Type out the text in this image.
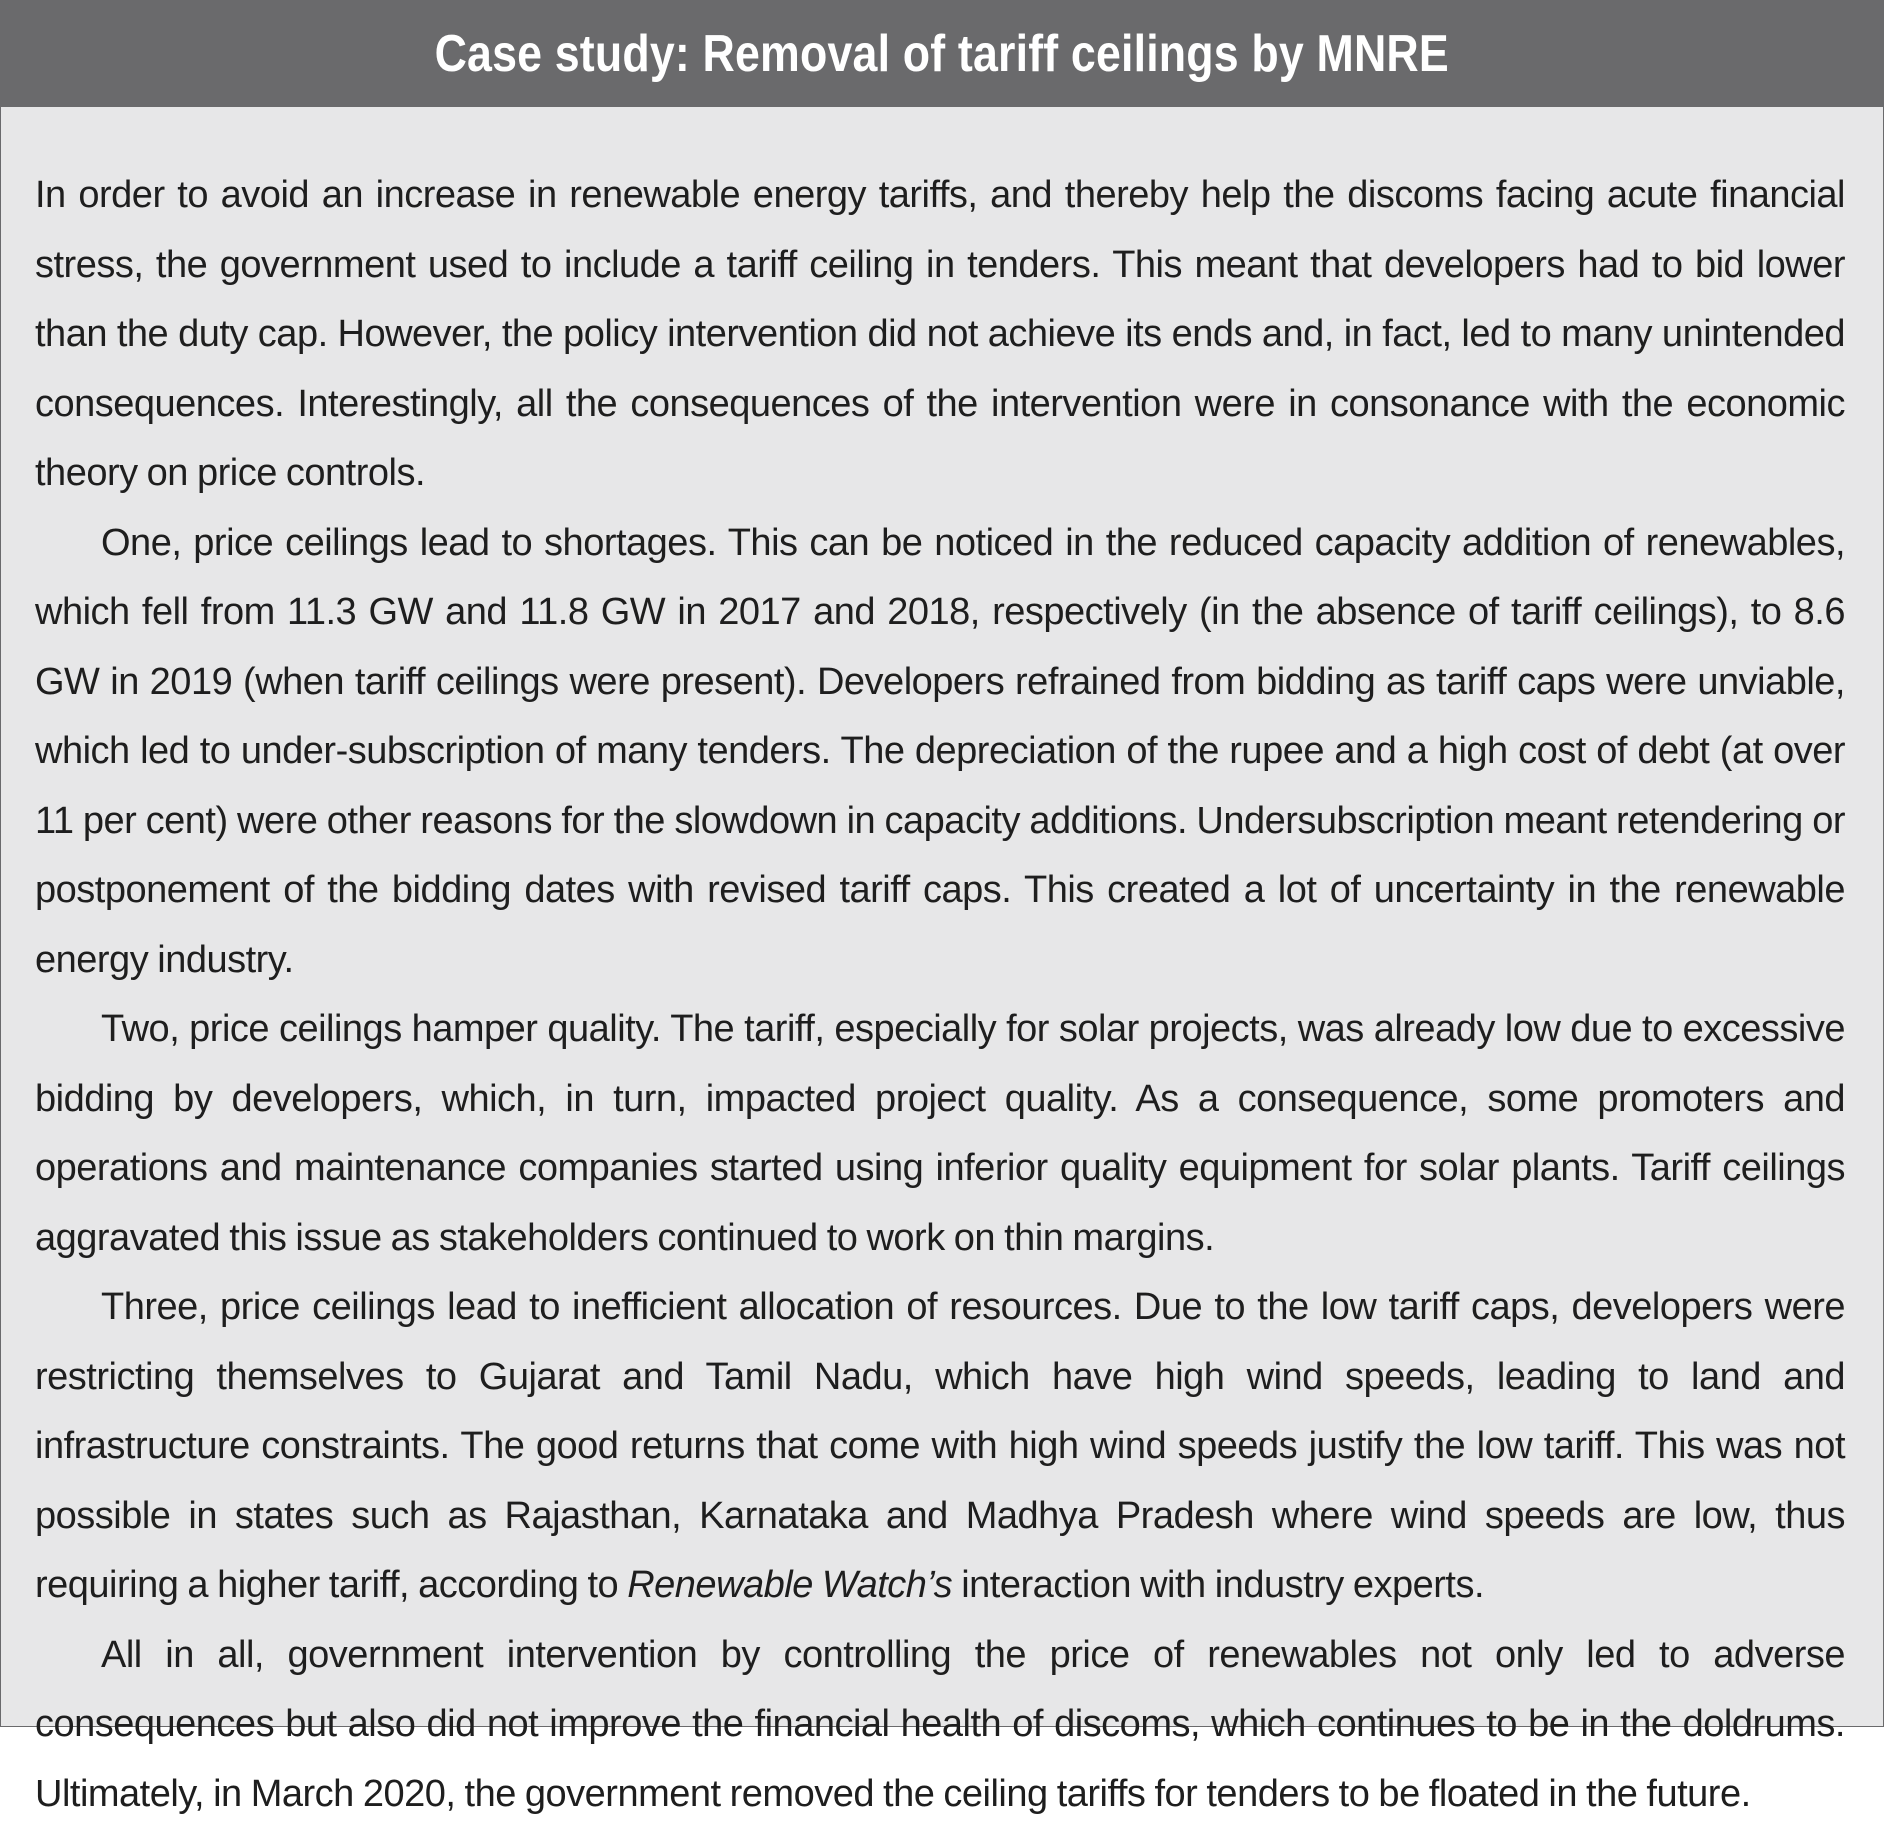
Case study: Removal of tariff ceilings by MNRE

In order to avoid an increase in renewable energy tariffs, and thereby help the discoms facing acute financial stress, the government used to include a tariff ceiling in tenders. This meant that developers had to bid lower than the duty cap. However, the policy intervention did not achieve its ends and, in fact, led to many unintended consequences. Interestingly, all the consequences of the intervention were in consonance with the economic theory on price controls.

One, price ceilings lead to shortages. This can be noticed in the reduced capacity addition of renewables, which fell from 11.3 GW and 11.8 GW in 2017 and 2018, respectively (in the absence of tariff ceilings), to 8.6 GW in 2019 (when tariff ceilings were present). Developers refrained from bidding as tariff caps were unviable, which led to under-subscription of many tenders. The depreciation of the rupee and a high cost of debt (at over 11 per cent) were other reasons for the slowdown in capacity additions. Undersubscription meant retendering or postponement of the bidding dates with revised tariff caps. This created a lot of uncertainty in the renewable energy industry.

Two, price ceilings hamper quality. The tariff, especially for solar projects, was already low due to excessive bidding by developers, which, in turn, impacted project quality. As a consequence, some promoters and operations and maintenance companies started using inferior quality equipment for solar plants. Tariff ceilings aggravated this issue as stakeholders continued to work on thin margins.

Three, price ceilings lead to inefficient allocation of resources. Due to the low tariff caps, developers were restricting themselves to Gujarat and Tamil Nadu, which have high wind speeds, leading to land and infrastructure constraints. The good returns that come with high wind speeds justify the low tariff. This was not possible in states such as Rajasthan, Karnataka and Madhya Pradesh where wind speeds are low, thus requiring a higher tariff, according to Renewable Watch’s interaction with industry experts.

All in all, government intervention by controlling the price of renewables not only led to adverse consequences but also did not improve the financial health of discoms, which continues to be in the doldrums. Ultimately, in March 2020, the government removed the ceiling tariffs for tenders to be floated in the future.
